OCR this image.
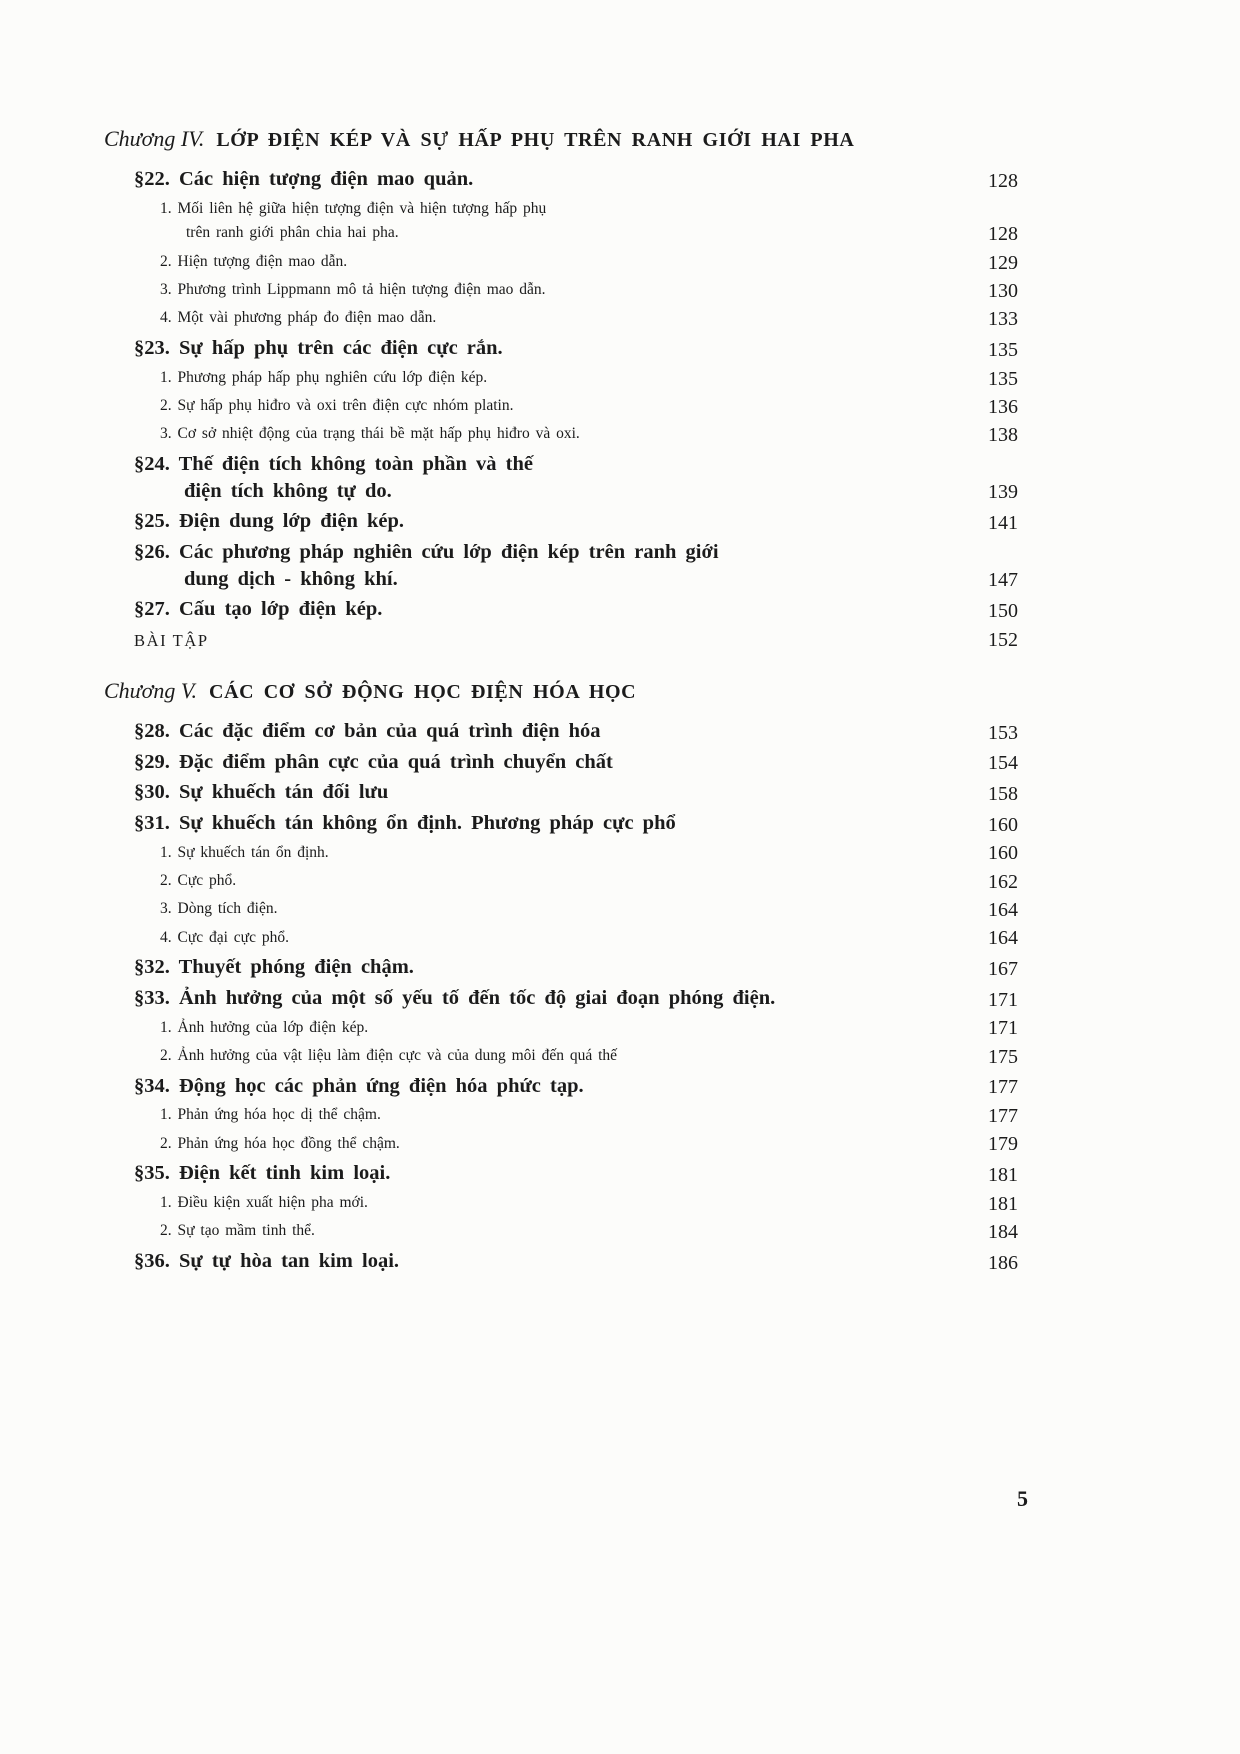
Chương IV. LỚP ĐIỆN KÉP VÀ SỰ HẤP PHỤ TRÊN RANH GIỚI HAI PHA
§22. Các hiện tượng điện mao quản.	128
1. Mối liên hệ giữa hiện tượng điện và hiện tượng hấp phụ
trên ranh giới phân chia hai pha.	128
2. Hiện tượng điện mao dẫn.	129
3. Phương trình Lippmann mô tả hiện tượng điện mao dẫn.	130
4. Một vài phương pháp đo điện mao dẫn.	133
§23. Sự hấp phụ trên các điện cực rắn.	135
1. Phương pháp hấp phụ nghiên cứu lớp điện kép.	135
2. Sự hấp phụ hiđro và oxi trên điện cực nhóm platin.	136
3. Cơ sở nhiệt động của trạng thái bề mặt hấp phụ hiđro và oxi.	138
§24. Thế điện tích không toàn phần và thế
điện tích không tự do.	139
§25. Điện dung lớp điện kép.	141
§26. Các phương pháp nghiên cứu lớp điện kép trên ranh giới
dung dịch - không khí.	147
§27. Cấu tạo lớp điện kép.	150
BÀI TẬP	152
Chương V. CÁC CƠ SỞ ĐỘNG HỌC ĐIỆN HÓA HỌC
§28. Các đặc điểm cơ bản của quá trình điện hóa	153
§29. Đặc điểm phân cực của quá trình chuyển chất	154
§30. Sự khuếch tán đối lưu	158
§31. Sự khuếch tán không ổn định. Phương pháp cực phổ	160
1. Sự khuếch tán ổn định.	160
2. Cực phổ.	162
3. Dòng tích điện.	164
4. Cực đại cực phổ.	164
§32. Thuyết phóng điện chậm.	167
§33. Ảnh hưởng của một số yếu tố đến tốc độ giai đoạn phóng điện.	171
1. Ảnh hưởng của lớp điện kép.	171
2. Ảnh hưởng của vật liệu làm điện cực và của dung môi đến quá thế	175
§34. Động học các phản ứng điện hóa phức tạp.	177
1. Phản ứng hóa học dị thể chậm.	177
2. Phản ứng hóa học đồng thể chậm.	179
§35. Điện kết tinh kim loại.	181
1. Điều kiện xuất hiện pha mới.	181
2. Sự tạo mầm tinh thể.	184
§36. Sự tự hòa tan kim loại.	186
5
